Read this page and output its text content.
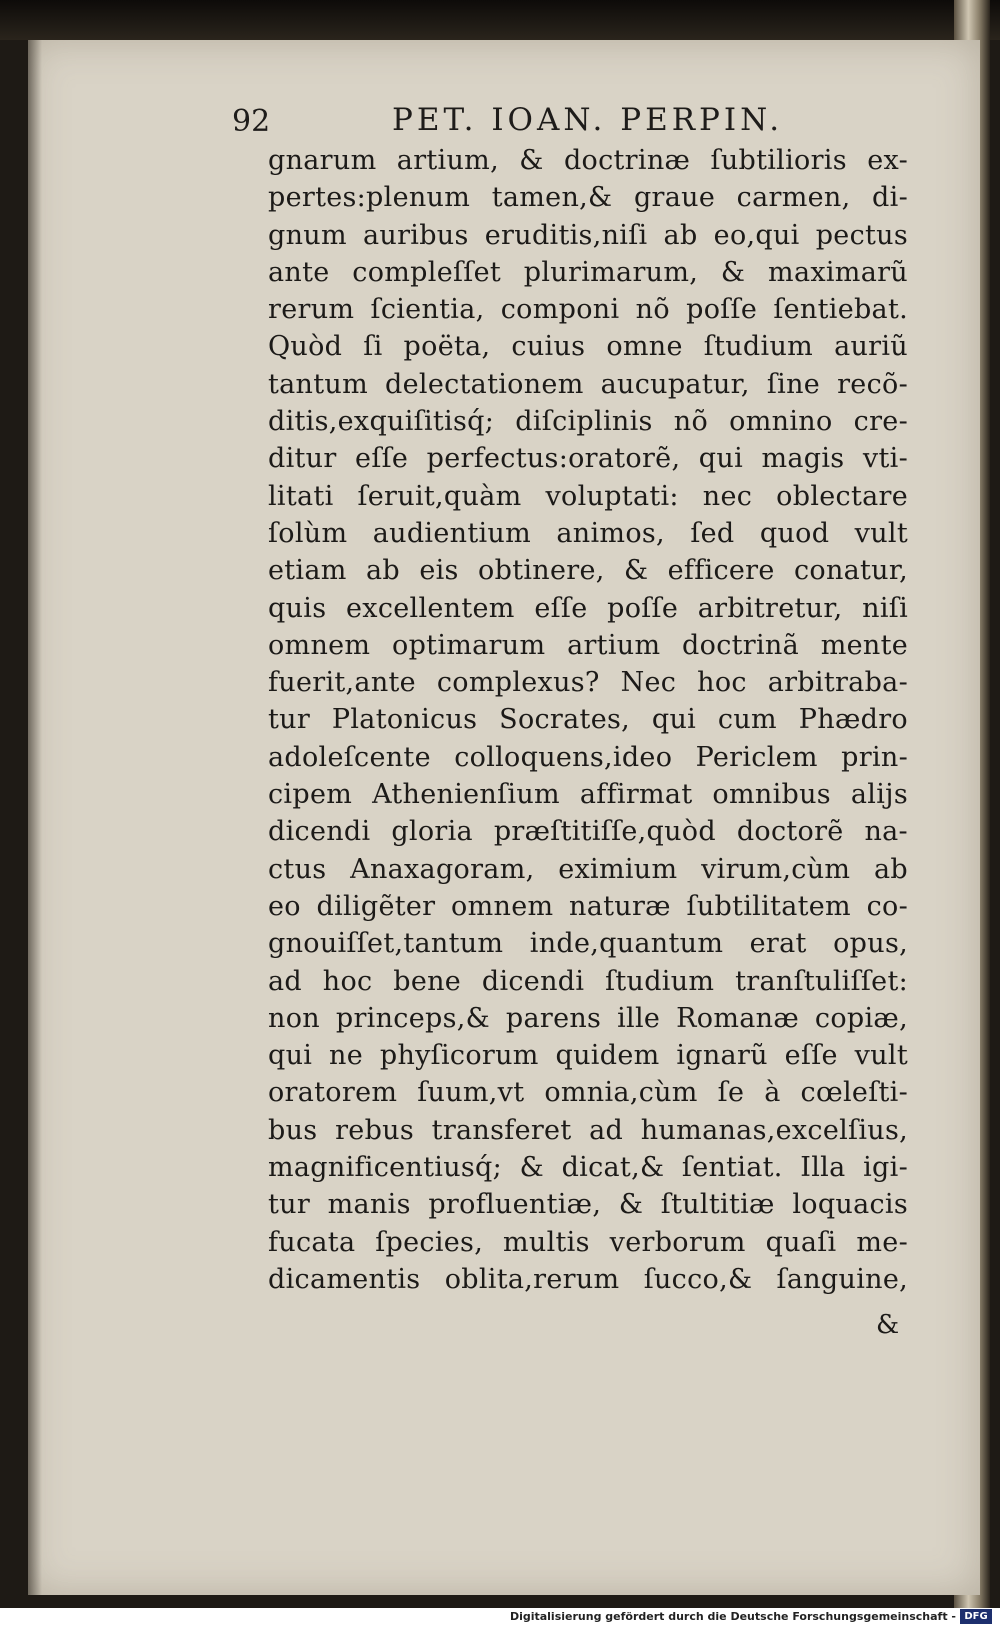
92	PET. IOAN. PERPIN.
gnarum artium, & doctrinæ ſubtilioris ex-
pertes:plenum tamen,& graue carmen, di-
gnum auribus eruditis,niſi ab eo,qui pectus
ante compleſſet plurimarum, & maximarũ
rerum ſcientia, componi nõ poſſe ſentiebat.
Quòd ſi poëta, cuius omne ſtudium auriũ
tantum delectationem aucupatur, ſine recõ-
ditis,exquiſitisq́; diſciplinis nõ omnino cre-
ditur eſſe perfectus:oratorẽ, qui magis vti-
litati ſeruit,quàm voluptati: nec oblectare
ſolùm audientium animos, ſed quod vult
etiam ab eis obtinere, & efficere conatur,
quis excellentem eſſe poſſe arbitretur, niſi
omnem optimarum artium doctrinã mente
fuerit,ante complexus? Nec hoc arbitraba-
tur Platonicus Socrates, qui cum Phædro
adoleſcente colloquens,ideo Periclem prin-
cipem Athenienſium affirmat omnibus alijs
dicendi gloria præſtitiſſe,quòd doctorẽ na-
ctus Anaxagoram, eximium virum,cùm ab
eo diligẽter omnem naturæ ſubtilitatem co-
gnouiſſet,tantum inde,quantum erat opus,
ad hoc bene dicendi ſtudium tranſtuliſſet:
non princeps,& parens ille Romanæ copiæ,
qui ne phyſicorum quidem ignarũ eſſe vult
oratorem ſuum,vt omnia,cùm ſe à cœleſti-
bus rebus transferet ad humanas,excelſius,
magnificentiusq́; & dicat,& ſentiat. Illa igi-
tur manis profluentiæ, & ſtultitiæ loquacis
fucata ſpecies, multis verborum quaſi me-
dicamentis oblita,rerum ſucco,& ſanguine,
&
Digitalisierung gefördert durch die Deutsche Forschungsgemeinschaft - DFG
